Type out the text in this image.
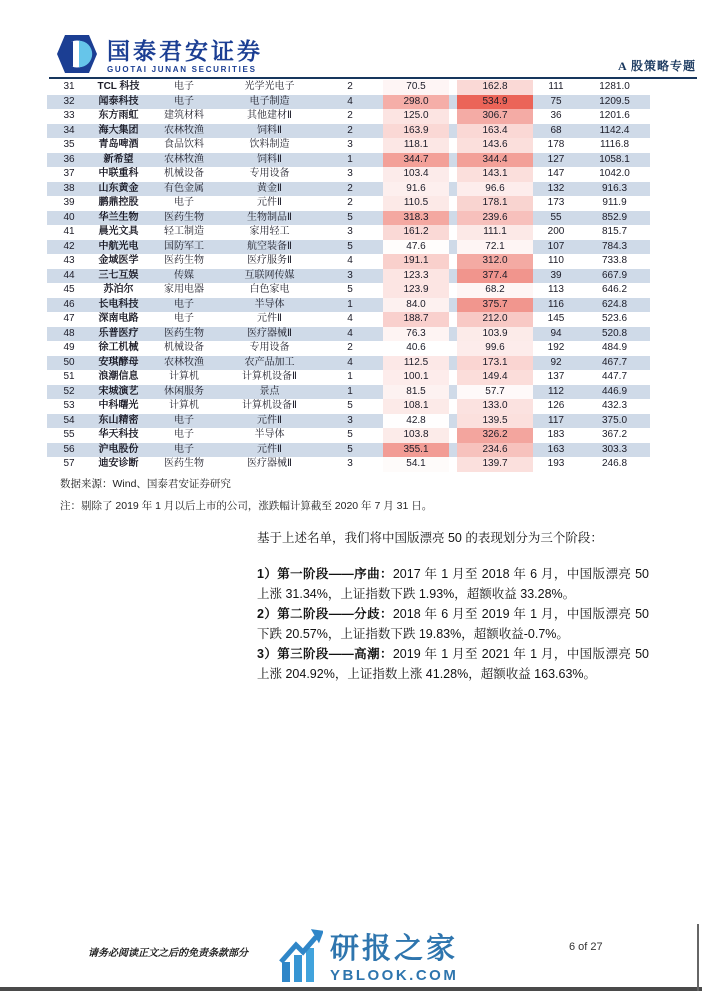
国泰君安证券
GUOTAI JUNAN SECURITIES	A 股策略专题
31	TCL 科技	电子	光学光电子	2	70.5	162.8	111	1281.0
32	闻泰科技	电子	电子制造	4	298.0	534.9	75	1209.5
33	东方雨虹	建筑材料	其他建材Ⅱ	2	125.0	306.7	36	1201.6
34	海大集团	农林牧渔	饲料Ⅱ	2	163.9	163.4	68	1142.4
35	青岛啤酒	食品饮料	饮料制造	3	118.1	143.6	178	1116.8
36	新希望	农林牧渔	饲料Ⅱ	1	344.7	344.4	127	1058.1
37	中联重科	机械设备	专用设备	3	103.4	143.1	147	1042.0
38	山东黄金	有色金属	黄金Ⅱ	2	91.6	96.6	132	916.3
39	鹏鼎控股	电子	元件Ⅱ	2	110.5	178.1	173	911.9
40	华兰生物	医药生物	生物制品Ⅱ	5	318.3	239.6	55	852.9
41	晨光文具	轻工制造	家用轻工	3	161.2	111.1	200	815.7
42	中航光电	国防军工	航空装备Ⅱ	5	47.6	72.1	107	784.3
43	金域医学	医药生物	医疗服务Ⅱ	4	191.1	312.0	110	733.8
44	三七互娱	传媒	互联网传媒	3	123.3	377.4	39	667.9
45	苏泊尔	家用电器	白色家电	5	123.9	68.2	113	646.2
46	长电科技	电子	半导体	1	84.0	375.7	116	624.8
47	深南电路	电子	元件Ⅱ	4	188.7	212.0	145	523.6
48	乐普医疗	医药生物	医疗器械Ⅱ	4	76.3	103.9	94	520.8
49	徐工机械	机械设备	专用设备	2	40.6	99.6	192	484.9
50	安琪酵母	农林牧渔	农产品加工	4	112.5	173.1	92	467.7
51	浪潮信息	计算机	计算机设备Ⅱ	1	100.1	149.4	137	447.7
52	宋城演艺	休闲服务	景点	1	81.5	57.7	112	446.9
53	中科曙光	计算机	计算机设备Ⅱ	5	108.1	133.0	126	432.3
54	东山精密	电子	元件Ⅱ	3	42.8	139.5	117	375.0
55	华天科技	电子	半导体	5	103.8	326.2	183	367.2
56	沪电股份	电子	元件Ⅱ	5	355.1	234.6	163	303.3
57	迪安诊断	医药生物	医疗器械Ⅱ	3	54.1	139.7	193	246.8
数据来源：Wind、国泰君安证券研究
注：剔除了 2019 年 1 月以后上市的公司，涨跌幅计算截至 2020 年 7 月 31 日。

基于上述名单，我们将中国版漂亮 50 的表现划分为三个阶段：

1）第一阶段——序曲：2017 年 1 月至 2018 年 6 月，中国版漂亮 50 上涨 31.34%，上证指数下跌 1.93%，超额收益 33.28%。

2）第二阶段——分歧：2018 年 6 月至 2019 年 1 月，中国版漂亮 50 下跌 20.57%，上证指数下跌 19.83%，超额收益-0.7%。

3）第三阶段——高潮：2019 年 1 月至 2021 年 1 月，中国版漂亮 50 上涨 204.92%，上证指数上涨 41.28%，超额收益 163.63%。

请务必阅读正文之后的免责条款部分	研报之家
YBLOOK.COM
6 of 27
